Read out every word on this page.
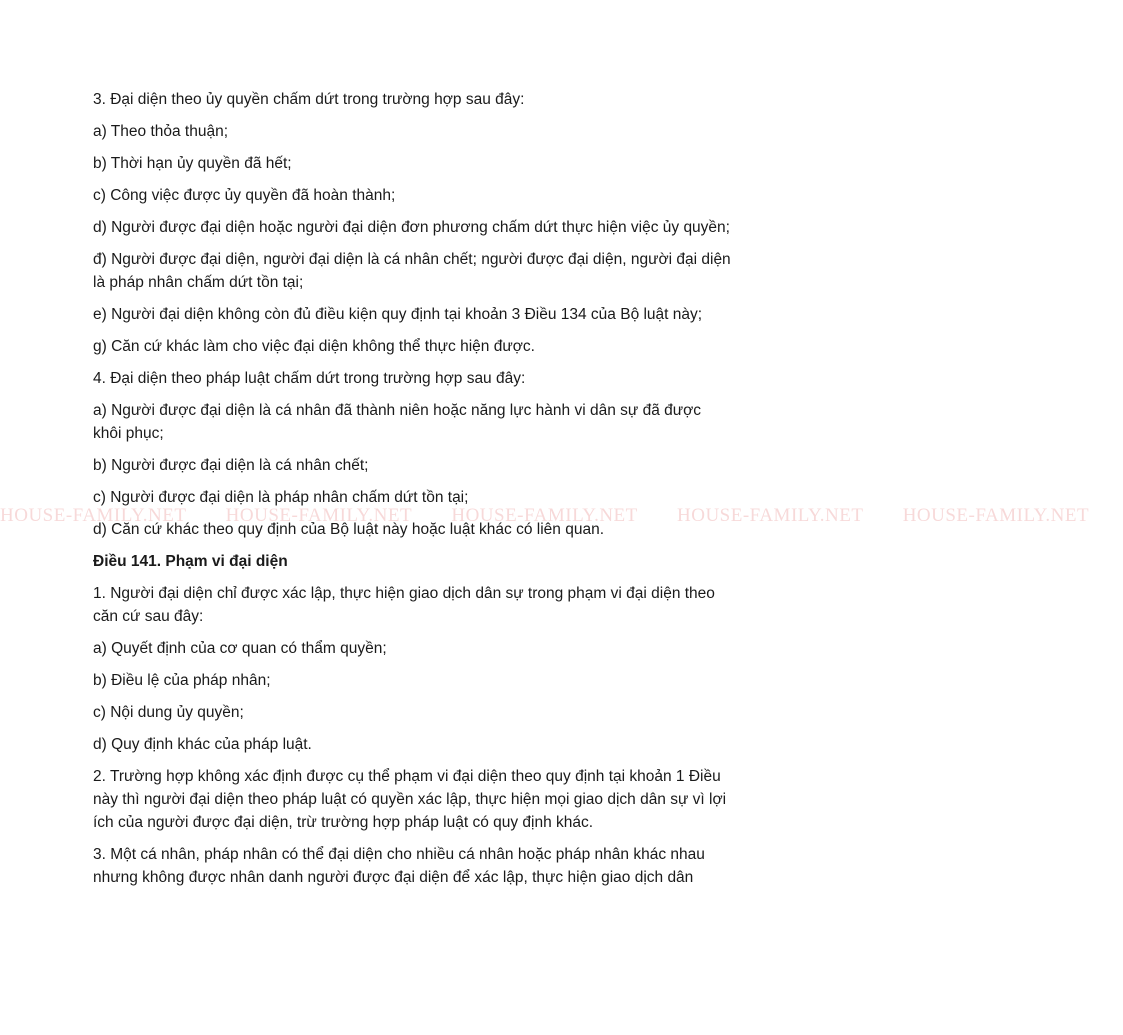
3. Đại diện theo ủy quyền chấm dứt trong trường hợp sau đây:

a) Theo thỏa thuận;

b) Thời hạn ủy quyền đã hết;

c) Công việc được ủy quyền đã hoàn thành;

d) Người được đại diện hoặc người đại diện đơn phương chấm dứt thực hiện việc ủy quyền;

đ) Người được đại diện, người đại diện là cá nhân chết; người được đại diện, người đại diện là pháp nhân chấm dứt tồn tại;

e) Người đại diện không còn đủ điều kiện quy định tại khoản 3 Điều 134 của Bộ luật này;

g) Căn cứ khác làm cho việc đại diện không thể thực hiện được.

4. Đại diện theo pháp luật chấm dứt trong trường hợp sau đây:

a) Người được đại diện là cá nhân đã thành niên hoặc năng lực hành vi dân sự đã được khôi phục;

b) Người được đại diện là cá nhân chết;

c) Người được đại diện là pháp nhân chấm dứt tồn tại;

d) Căn cứ khác theo quy định của Bộ luật này hoặc luật khác có liên quan.

Điều 141. Phạm vi đại diện

1. Người đại diện chỉ được xác lập, thực hiện giao dịch dân sự trong phạm vi đại diện theo căn cứ sau đây:

a) Quyết định của cơ quan có thẩm quyền;

b) Điều lệ của pháp nhân;

c) Nội dung ủy quyền;

d) Quy định khác của pháp luật.

2. Trường hợp không xác định được cụ thể phạm vi đại diện theo quy định tại khoản 1 Điều này thì người đại diện theo pháp luật có quyền xác lập, thực hiện mọi giao dịch dân sự vì lợi ích của người được đại diện, trừ trường hợp pháp luật có quy định khác.

3. Một cá nhân, pháp nhân có thể đại diện cho nhiều cá nhân hoặc pháp nhân khác nhau nhưng không được nhân danh người được đại diện để xác lập, thực hiện giao dịch dân

HOUSE-FAMILY.NET HOUSE-FAMILY.NET HOUSE-FAMILY.NET HOUSE-FAMILY.NET HOUSE-FAMILY.NET
